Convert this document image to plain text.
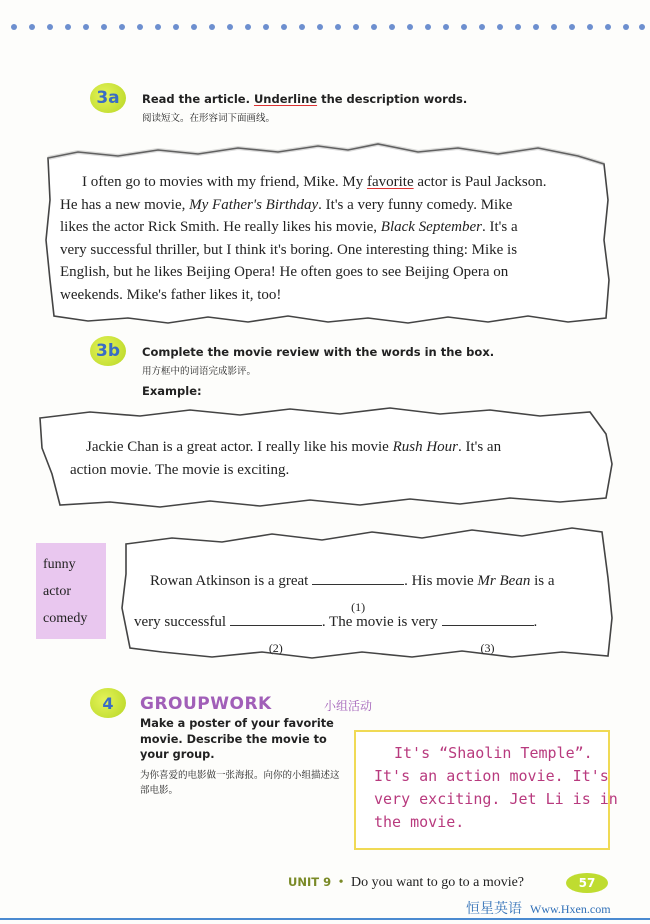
3a	Read the article. Underline the description words.
阅读短文。在形容词下面画线。
I often go to movies with my friend, Mike. My favorite actor is Paul Jackson.
He has a new movie, My Father's Birthday. It's a very funny comedy. Mike
likes the actor Rick Smith. He really likes his movie, Black September. It's a
very successful thriller, but I think it's boring. One interesting thing: Mike is
English, but he likes Beijing Opera! He often goes to see Beijing Opera on
weekends. Mike's father likes it, too!
3b	Complete the movie review with the words in the box.
用方框中的词语完成影评。
Example:
Jackie Chan is a great actor. I really like his movie Rush Hour. It's an
action movie. The movie is exciting.
funny
actor
comedy
Rowan Atkinson is a great
(1)
. His movie Mr Bean is a
very successful
(2)
. The movie is very
(3)
.
4	GROUPWORK	小组活动
Make a poster of your favorite movie. Describe the movie to your group.
为你喜爱的电影做一张海报。向你的小组描述这部电影。
It's “Shaolin Temple”.
It's an action movie. It's
very exciting. Jet Li is in
the movie.
UNIT 9 • Do you want to go to a movie?	57
恒星英语 Www.Hxen.com
